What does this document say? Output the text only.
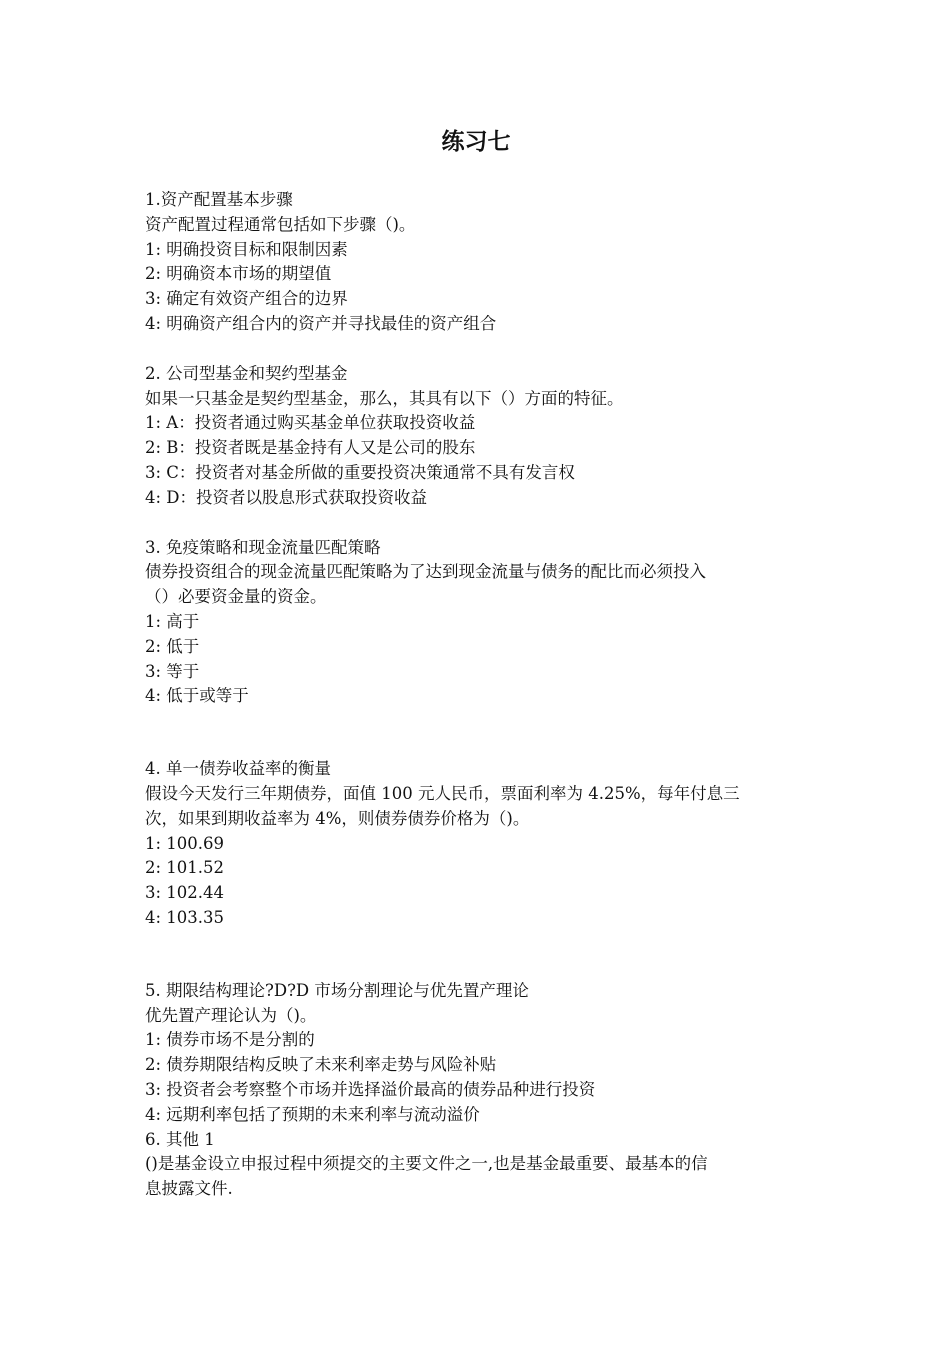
练习七
1.资产配置基本步骤
资产配置过程通常包括如下步骤（)。
1: 明确投资目标和限制因素
2: 明确资本市场的期望值
3: 确定有效资产组合的边界
4: 明确资产组合内的资产并寻找最佳的资产组合
2. 公司型基金和契约型基金
如果一只基金是契约型基金，那么，其具有以下（）方面的特征。
1: A：投资者通过购买基金单位获取投资收益
2: B：投资者既是基金持有人又是公司的股东
3: C：投资者对基金所做的重要投资决策通常不具有发言权
4: D：投资者以股息形式获取投资收益
3. 免疫策略和现金流量匹配策略
债券投资组合的现金流量匹配策略为了达到现金流量与债务的配比而必须投入
（）必要资金量的资金。
1: 高于
2: 低于
3: 等于
4: 低于或等于
4. 单一债券收益率的衡量
假设今天发行三年期债券，面值 100 元人民币，票面利率为 4.25%，每年付息三
次，如果到期收益率为 4%，则债券债券价格为（)。
1: 100.69
2: 101.52
3: 102.44
4: 103.35
5. 期限结构理论?D?D 市场分割理论与优先置产理论
优先置产理论认为（)。
1: 债券市场不是分割的
2: 债券期限结构反映了未来利率走势与风险补贴
3: 投资者会考察整个市场并选择溢价最高的债券品种进行投资
4: 远期利率包括了预期的未来利率与流动溢价
6. 其他 1
()是基金设立申报过程中须提交的主要文件之一,也是基金最重要、最基本的信
息披露文件.
